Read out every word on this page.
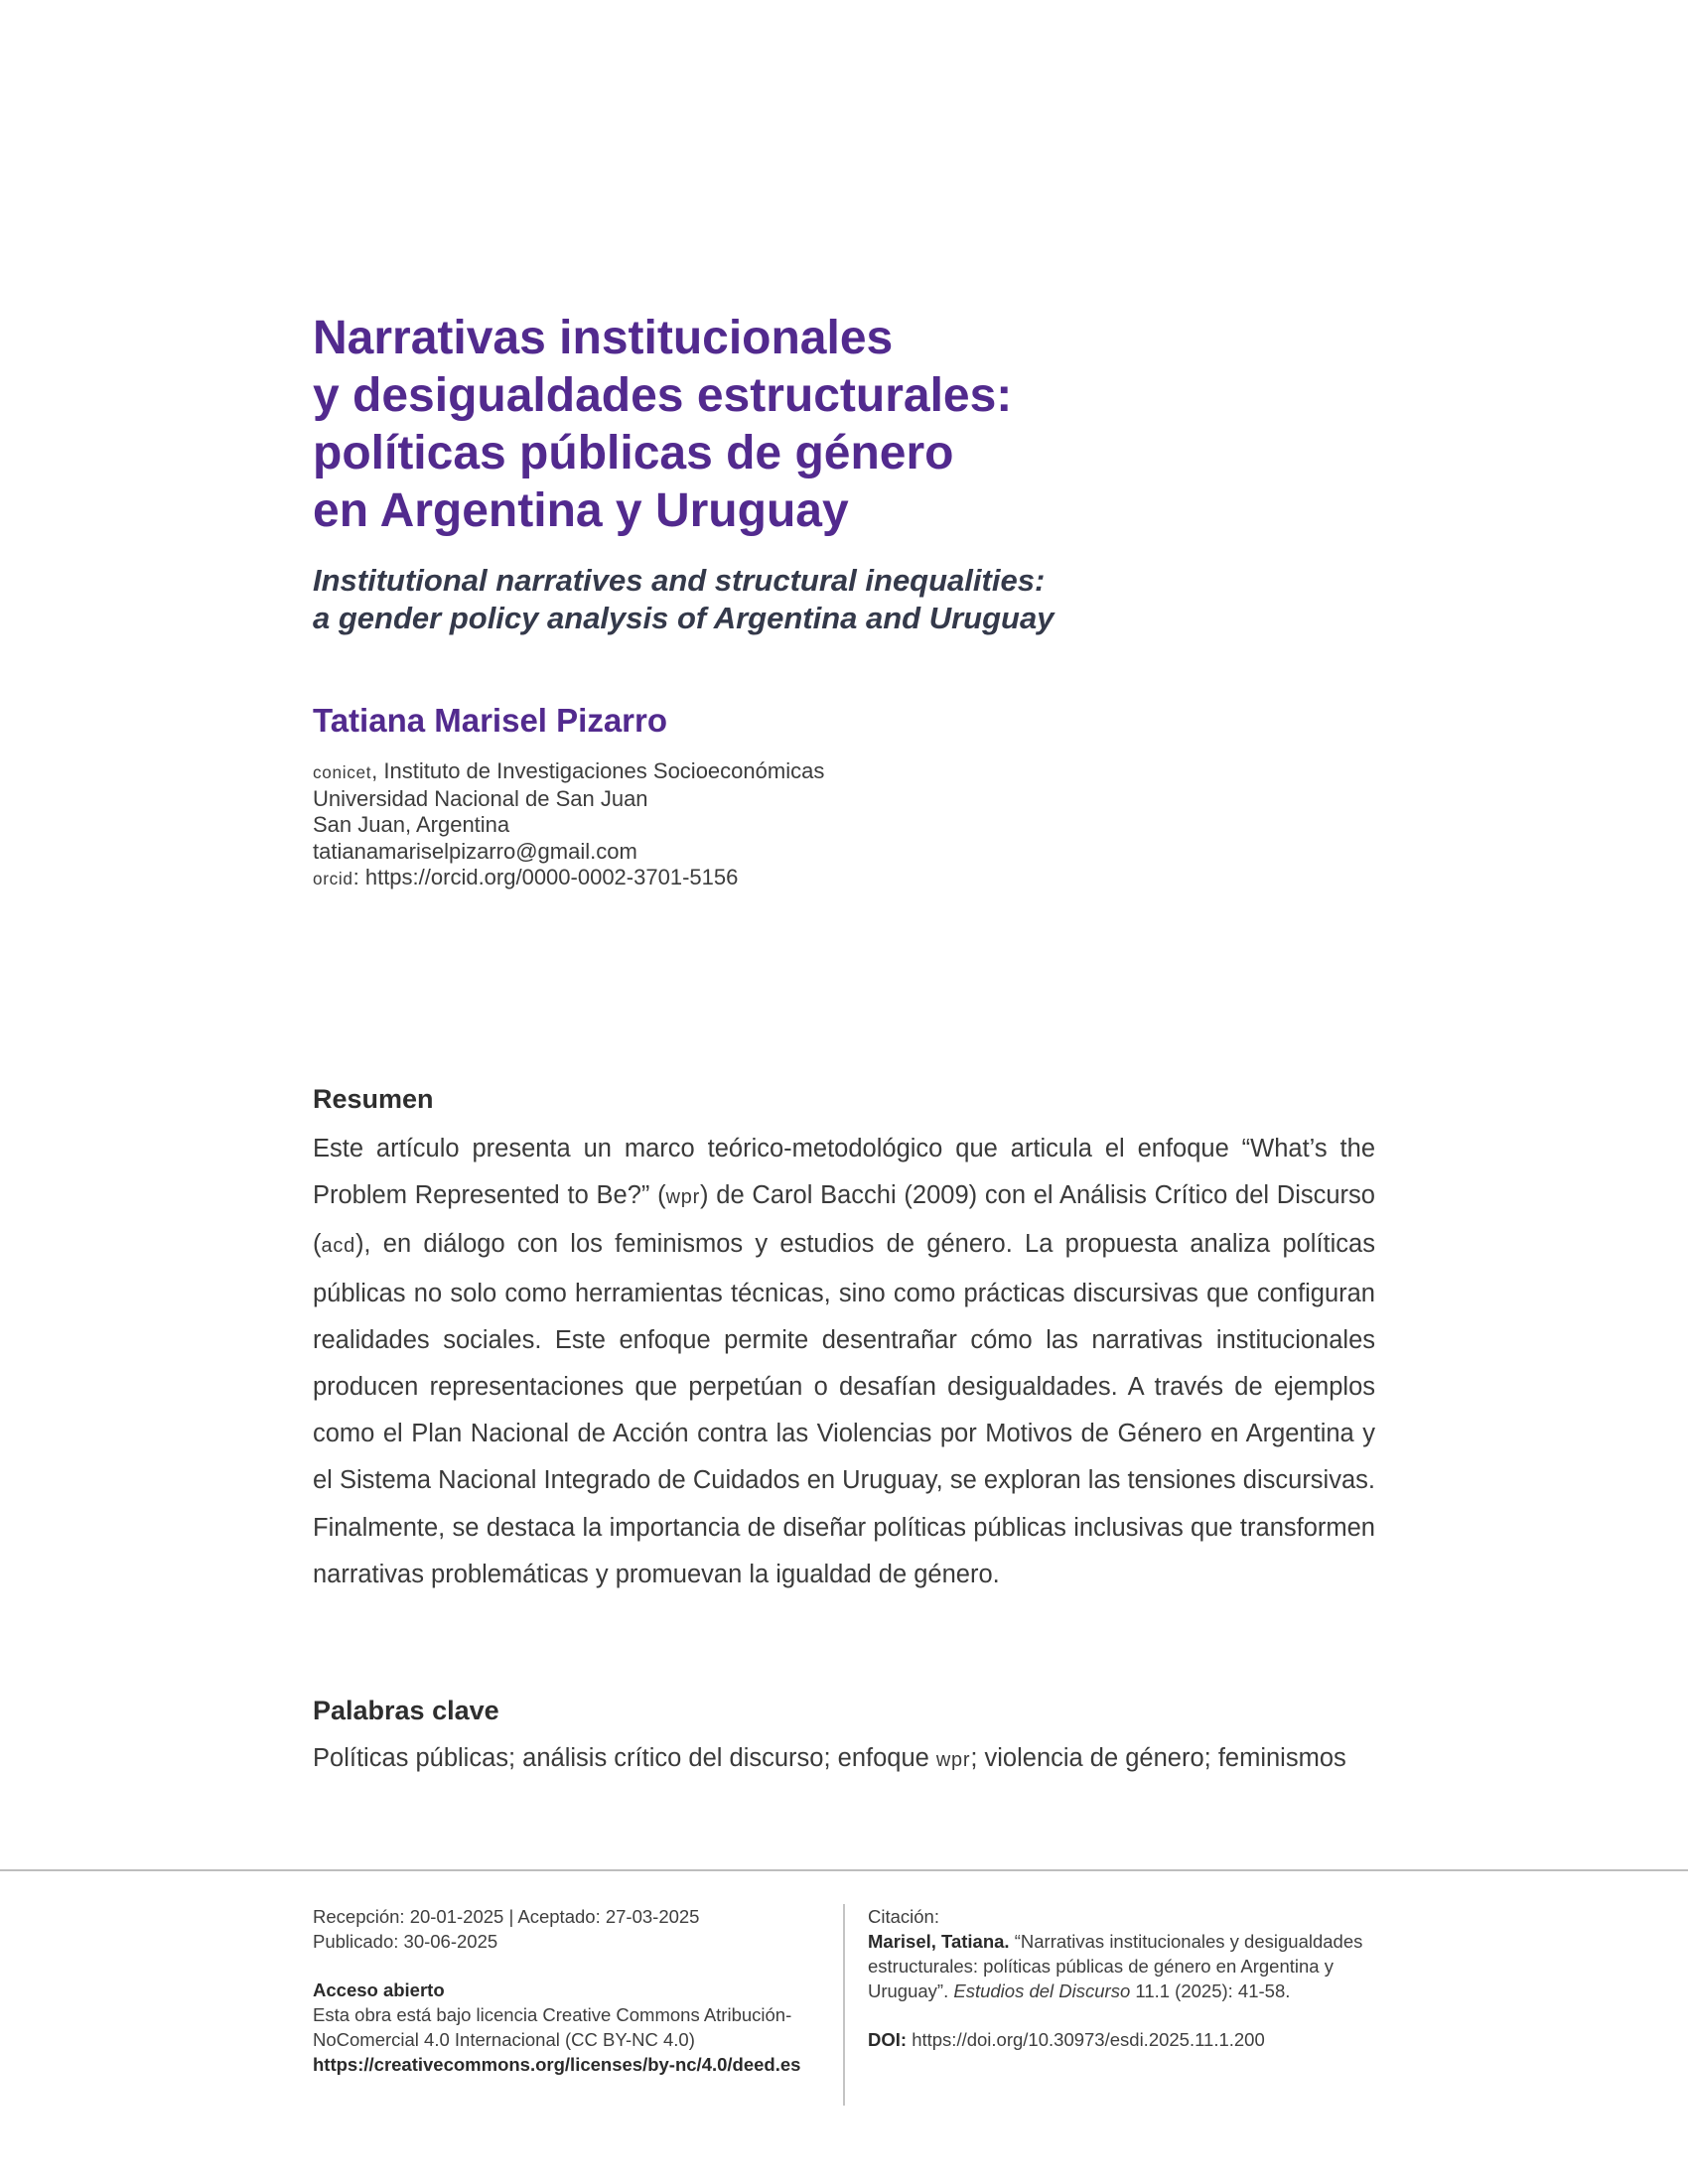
Narrativas institucionales
y desigualdades estructurales:
políticas públicas de género
en Argentina y Uruguay
Institutional narratives and structural inequalities:
a gender policy analysis of Argentina and Uruguay
Tatiana Marisel Pizarro
conicet, Instituto de Investigaciones Socioeconómicas
Universidad Nacional de San Juan
San Juan, Argentina
tatianamariselpizarro@gmail.com
orcid: https://orcid.org/0000-0002-3701-5156
Resumen

Este artículo presenta un marco teórico-metodológico que articula el enfoque “What’s the Problem Represented to Be?” (wpr) de Carol Bacchi (2009) con el Análisis Crítico del Discurso (acd), en diálogo con los feminismos y estudios de género. La propuesta analiza políticas públicas no solo como herramientas técnicas, sino como prácticas discursivas que configuran realidades sociales. Este enfoque permite desentrañar cómo las narrativas institucionales producen representaciones que perpetúan o desafían desigualdades. A través de ejemplos como el Plan Nacional de Acción contra las Violencias por Motivos de Género en Argentina y el Sistema Nacional Integrado de Cuidados en Uruguay, se exploran las tensiones discursivas. Finalmente, se destaca la importancia de diseñar políticas públicas inclusivas que transformen narrativas problemáticas y promuevan la igualdad de género.

Palabras clave

Políticas públicas; análisis crítico del discurso; enfoque wpr; violencia de género; feminismos

Recepción: 20-01-2025 | Aceptado: 27-03-2025
Publicado: 30-06-2025
Acceso abierto
Esta obra está bajo licencia Creative Commons Atribución-NoComercial 4.0 Internacional (CC BY-NC 4.0) https://creativecommons.org/licenses/by-nc/4.0/deed.es
Citación:
Marisel, Tatiana. “Narrativas institucionales y desigualdades estructurales: políticas públicas de género en Argentina y Uruguay”. Estudios del Discurso 11.1 (2025): 41-58.
DOI: https://doi.org/10.30973/esdi.2025.11.1.200
